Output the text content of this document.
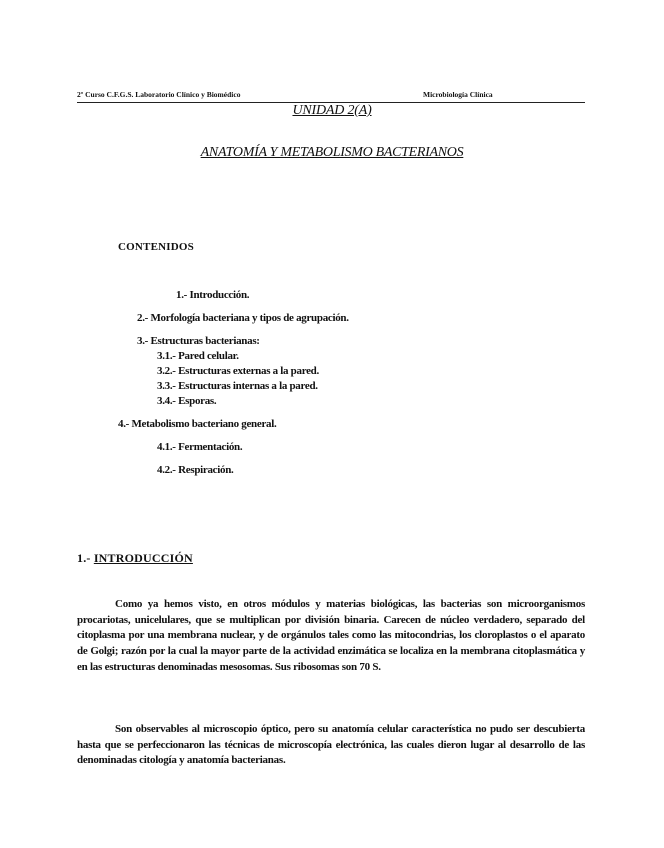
2º Curso C.F.G.S. Laboratorio Clínico y Biomédico	Microbiología Clínica
UNIDAD 2(A)
ANATOMÍA Y METABOLISMO BACTERIANOS
CONTENIDOS
1.- Introducción.
2.- Morfología bacteriana y tipos de agrupación.
3.- Estructuras bacterianas:
3.1.- Pared celular.
3.2.- Estructuras externas a la pared.
3.3.- Estructuras internas a la pared.
3.4.- Esporas.
4.- Metabolismo bacteriano general.
4.1.- Fermentación.
4.2.- Respiración.
1.- INTRODUCCIÓN

Como ya hemos visto, en otros módulos y materias biológicas, las bacterias son microorganismos procariotas, unicelulares, que se multiplican por división binaria. Carecen de núcleo verdadero, separado del citoplasma por una membrana nuclear, y de orgánulos tales como las mitocondrias, los cloroplastos o el aparato de Golgi; razón por la cual la mayor parte de la actividad enzimática se localiza en la membrana citoplasmática y en las estructuras denominadas mesosomas. Sus ribosomas son 70 S.

Son observables al microscopio óptico, pero su anatomía celular característica no pudo ser descubierta hasta que se perfeccionaron las técnicas de microscopía electrónica, las cuales dieron lugar al desarrollo de las denominadas citología y anatomía bacterianas.
